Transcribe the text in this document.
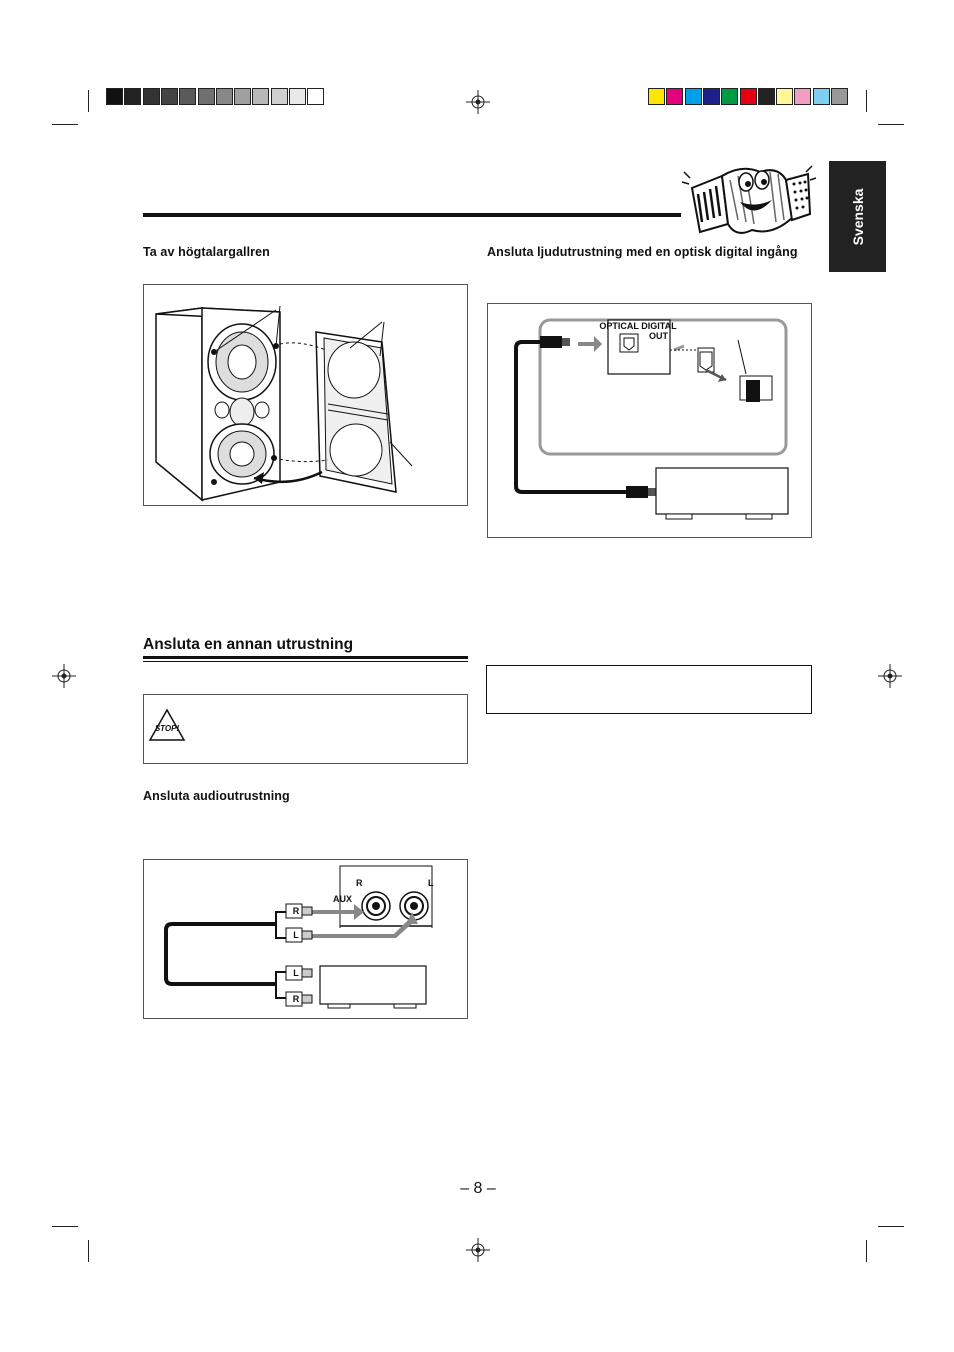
Svenska
Ta av högtalargallren	Ansluta ljudutrustning med en optisk digital ingång
OPTICAL DIGITAL
OUT
Ansluta en annan utrustning
STOP!
Ansluta audioutrustning
R	L
AUX
R
L
L
R
– 8 –
